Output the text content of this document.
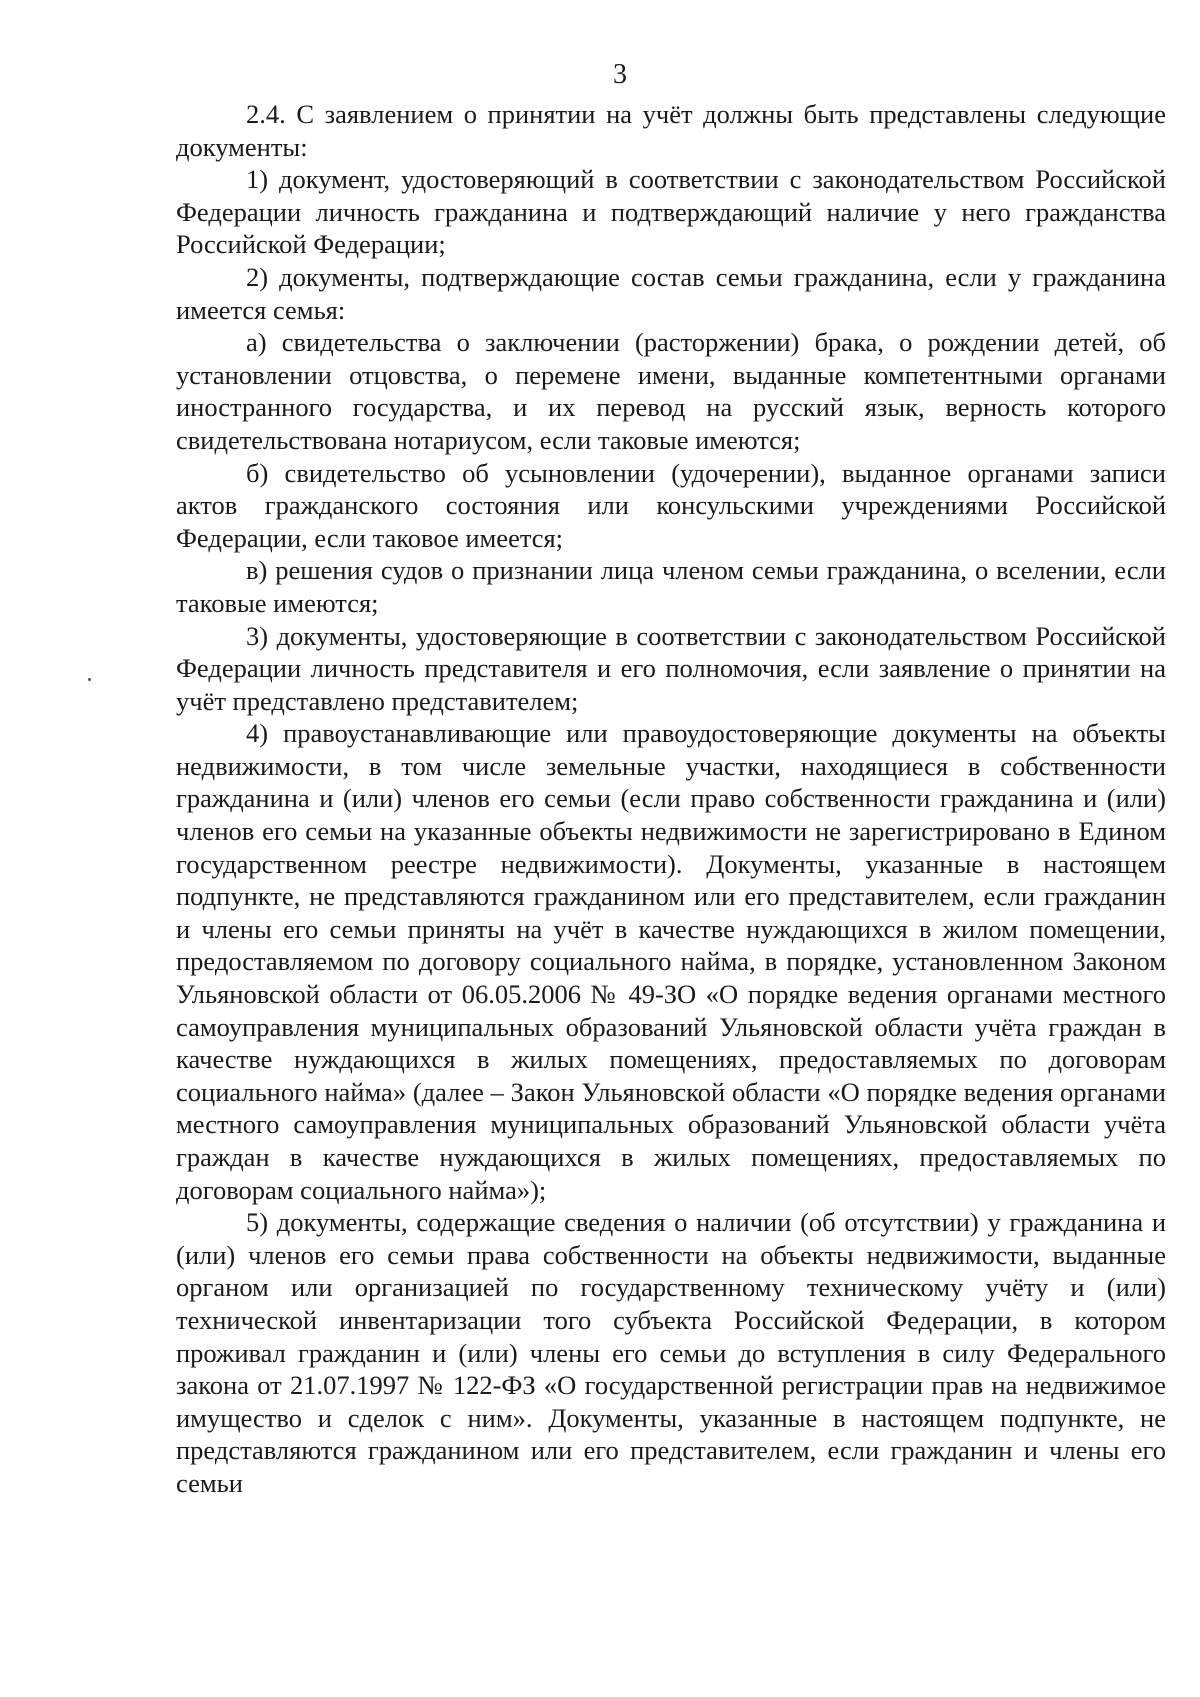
3

2.4. С заявлением о принятии на учёт должны быть представлены следующие документы:

1) документ, удостоверяющий в соответствии с законодательством Российской Федерации личность гражданина и подтверждающий наличие у него гражданства Российской Федерации;

2) документы, подтверждающие состав семьи гражданина, если у гражданина имеется семья:

а) свидетельства о заключении (расторжении) брака, о рождении детей, об установлении отцовства, о перемене имени, выданные компетентными органами иностранного государства, и их перевод на русский язык, верность которого свидетельствована нотариусом, если таковые имеются;

б) свидетельство об усыновлении (удочерении), выданное органами записи актов гражданского состояния или консульскими учреждениями Российской Федерации, если таковое имеется;

в) решения судов о признании лица членом семьи гражданина, о вселении, если таковые имеются;

3) документы, удостоверяющие в соответствии с законодательством Российской Федерации личность представителя и его полномочия, если заявление о принятии на учёт представлено представителем;

4) правоустанавливающие или правоудостоверяющие документы на объекты недвижимости, в том числе земельные участки, находящиеся в собственности гражданина и (или) членов его семьи (если право собственности гражданина и (или) членов его семьи на указанные объекты недвижимости не зарегистрировано в Едином государственном реестре недвижимости). Документы, указанные в настоящем подпункте, не представляются гражданином или его представителем, если гражданин и члены его семьи приняты на учёт в качестве нуждающихся в жилом помещении, предоставляемом по договору социального найма, в порядке, установленном Законом Ульяновской области от 06.05.2006 № 49-ЗО «О порядке ведения органами местного самоуправления муниципальных образований Ульяновской области учёта граждан в качестве нуждающихся в жилых помещениях, предоставляемых по договорам социального найма» (далее – Закон Ульяновской области «О порядке ведения органами местного самоуправления муниципальных образований Ульяновской области учёта граждан в качестве нуждающихся в жилых помещениях, предоставляемых по договорам социального найма»);

5) документы, содержащие сведения о наличии (об отсутствии) у гражданина и (или) членов его семьи права собственности на объекты недвижимости, выданные органом или организацией по государственному техническому учёту и (или) технической инвентаризации того субъекта Российской Федерации, в котором проживал гражданин и (или) члены его семьи до вступления в силу Федерального закона от 21.07.1997 № 122-ФЗ «О государственной регистрации прав на недвижимое имущество и сделок с ним». Документы, указанные в настоящем подпункте, не представляются гражданином или его представителем, если гражданин и члены его семьи
